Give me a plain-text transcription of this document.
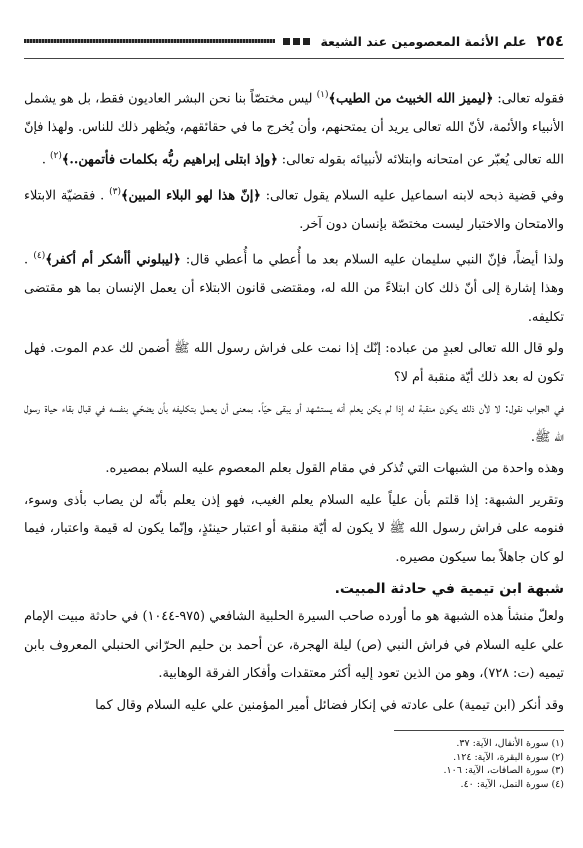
٢٥٤
علم الأئمة المعصومين عند الشيعة

فقوله تعالى: ﴿ليميز الله الخبيث من الطيب﴾$^{(١)}$ ليس مختصّاً بنا نحن البشر العاديون فقط، بل هو يشمل الأنبياء والأئمة، لأنّ الله تعالى يريد أن يمتحنهم، وأن يُخرج ما في حقائقهم، ويُظهر ذلك للناس. ولهذا فإنّ الله تعالى يُعبّر عن امتحانه وابتلائه لأنبيائه بقوله تعالى: ﴿وإذ ابتلى إبراهيم ربُّه بكلمات فأتمهن..﴾$^{(٢)}$ .

وفي قضية ذبحه لابنه اسماعيل عليه السلام يقول تعالى: ﴿إنّ هذا لهو البلاء المبين﴾$^{(٣)}$ . فقضيّة الابتلاء والامتحان والاختبار ليست مختصّة بإنسان دون آخر.

ولذا أيضاً، فإنّ النبي سليمان عليه السلام بعد ما أُعطي ما أُعطي قال: ﴿ليبلوني أأشكر أم أكفر﴾$^{(٤)}$ . وهذا إشارة إلى أنّ ذلك كان ابتلاءً من الله له، ومقتضى قانون الابتلاء أن يعمل الإنسان بما هو مقتضى تكليفه.

ولو قال الله تعالى لعبدٍ من عباده: إنّك إذا نمت على فراش رسول الله ﷺ أضمن لك عدم الموت. فهل تكون له بعد ذلك أيّة منقبة أم لا؟

في الجواب نقول: لا لأن ذلك يكون منقبة له إذا لم يكن يعلم أنه يستشهد أو يبقى حيّاً. بمعنى أن يعمل بتكليفه بأن يضحّي بنفسه في قبال بقاء حياة رسول الله ﷺ.

وهذه واحدة من الشبهات التي تُذكر في مقام القول بعلم المعصوم عليه السلام بمصيره.

وتقرير الشبهة: إذا قلتم بأن علياً عليه السلام يعلم الغيب، فهو إذن يعلم بأنّه لن يصاب بأذى وسوء، فنومه على فراش رسول الله ﷺ لا يكون له أيّة منقبة أو اعتبار حينئذٍ، وإنّما يكون له قيمة واعتبار، فيما لو كان جاهلاً بما سيكون مصيره.

شبهة ابن تيمية في حادثة المبيت.

ولعلّ منشأ هذه الشبهة هو ما أورده صاحب السيرة الحلبية الشافعي (٩٧٥-١٠٤٤) في حادثة مبيت الإمام علي عليه السلام في فراش النبي (ص) ليلة الهجرة، عن أحمد بن حليم الحرّاني الحنبلي المعروف بابن تيميه (ت: ٧٢٨)، وهو من الذين تعود إليه أكثر معتقدات وأفكار الفرقة الوهابية.

وقد أنكر (ابن تيمية) على عادته في إنكار فضائل أمير المؤمنين علي عليه السلام وقال كما

(١) سورة الأنفال، الآية: ٣٧.
(٢) سورة البقرة، الآية: ١٢٤.
(٣) سورة الصافات، الآية: ١٠٦.
(٤) سورة النمل، الآية: ٤٠.
